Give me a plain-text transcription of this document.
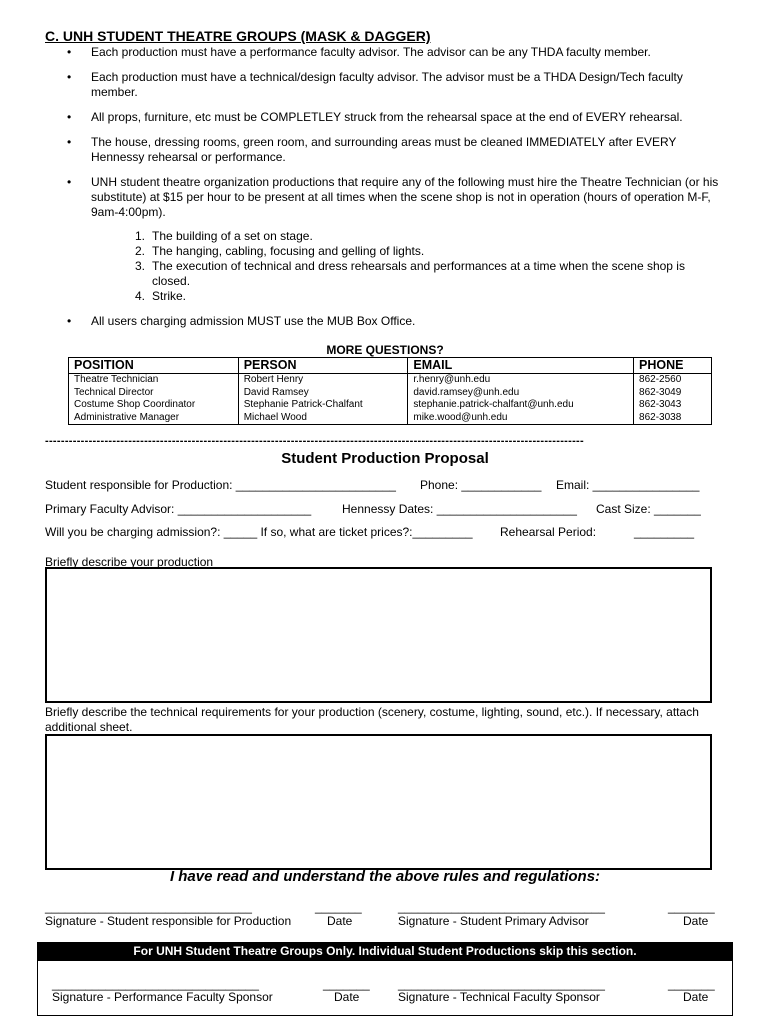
C. UNH STUDENT THEATRE GROUPS (MASK & DAGGER)
• Each production must have a performance faculty advisor. The advisor can be any THDA faculty member.
• Each production must have a technical/design faculty advisor. The advisor must be a THDA Design/Tech faculty member.
• All props, furniture, etc must be COMPLETLEY struck from the rehearsal space at the end of EVERY rehearsal.
• The house, dressing rooms, green room, and surrounding areas must be cleaned IMMEDIATELY after EVERY Hennessy rehearsal or performance.
• UNH student theatre organization productions that require any of the following must hire the Theatre Technician (or his substitute) at $15 per hour to be present at all times when the scene shop is not in operation (hours of operation M-F, 9am-4:00pm).
1. The building of a set on stage.
2. The hanging, cabling, focusing and gelling of lights.
3. The execution of technical and dress rehearsals and performances at a time when the scene shop is closed.
4. Strike.
• All users charging admission MUST use the MUB Box Office.
MORE QUESTIONS?
POSITION	PERSON	EMAIL	PHONE
Theatre Technician	Robert Henry	r.henry@unh.edu	862-2560
Technical Director	David Ramsey	david.ramsey@unh.edu	862-3049
Costume Shop Coordinator	Stephanie Patrick-Chalfant	stephanie.patrick-chalfant@unh.edu	862-3043
Administrative Manager	Michael Wood	mike.wood@unh.edu	862-3038
----------------------------------------------------------------------------------------------------------------------------------------
Student Production Proposal
Student responsible for Production: ________________________ Phone: ____________ Email: ________________
Primary Faculty Advisor: ____________________	Hennessy Dates: _____________________ Cast Size: _______
Will you be charging admission?: _____ If so, what are ticket prices?:_________ Rehearsal Period:	_________
Briefly describe your production
Briefly describe the technical requirements for your production (scenery, costume, lighting, sound, etc.). If necessary, attach additional sheet.
I have read and understand the above rules and regulations:
_______________________________	_______	_______________________________	_______
Signature - Student responsible for Production	Date	Signature - Student Primary Advisor	Date
For UNH Student Theatre Groups Only. Individual Student Productions skip this section.
_______________________________	_______ _______________________________	_______
Signature - Performance Faculty Sponsor	Date	Signature - Technical Faculty Sponsor	Date
